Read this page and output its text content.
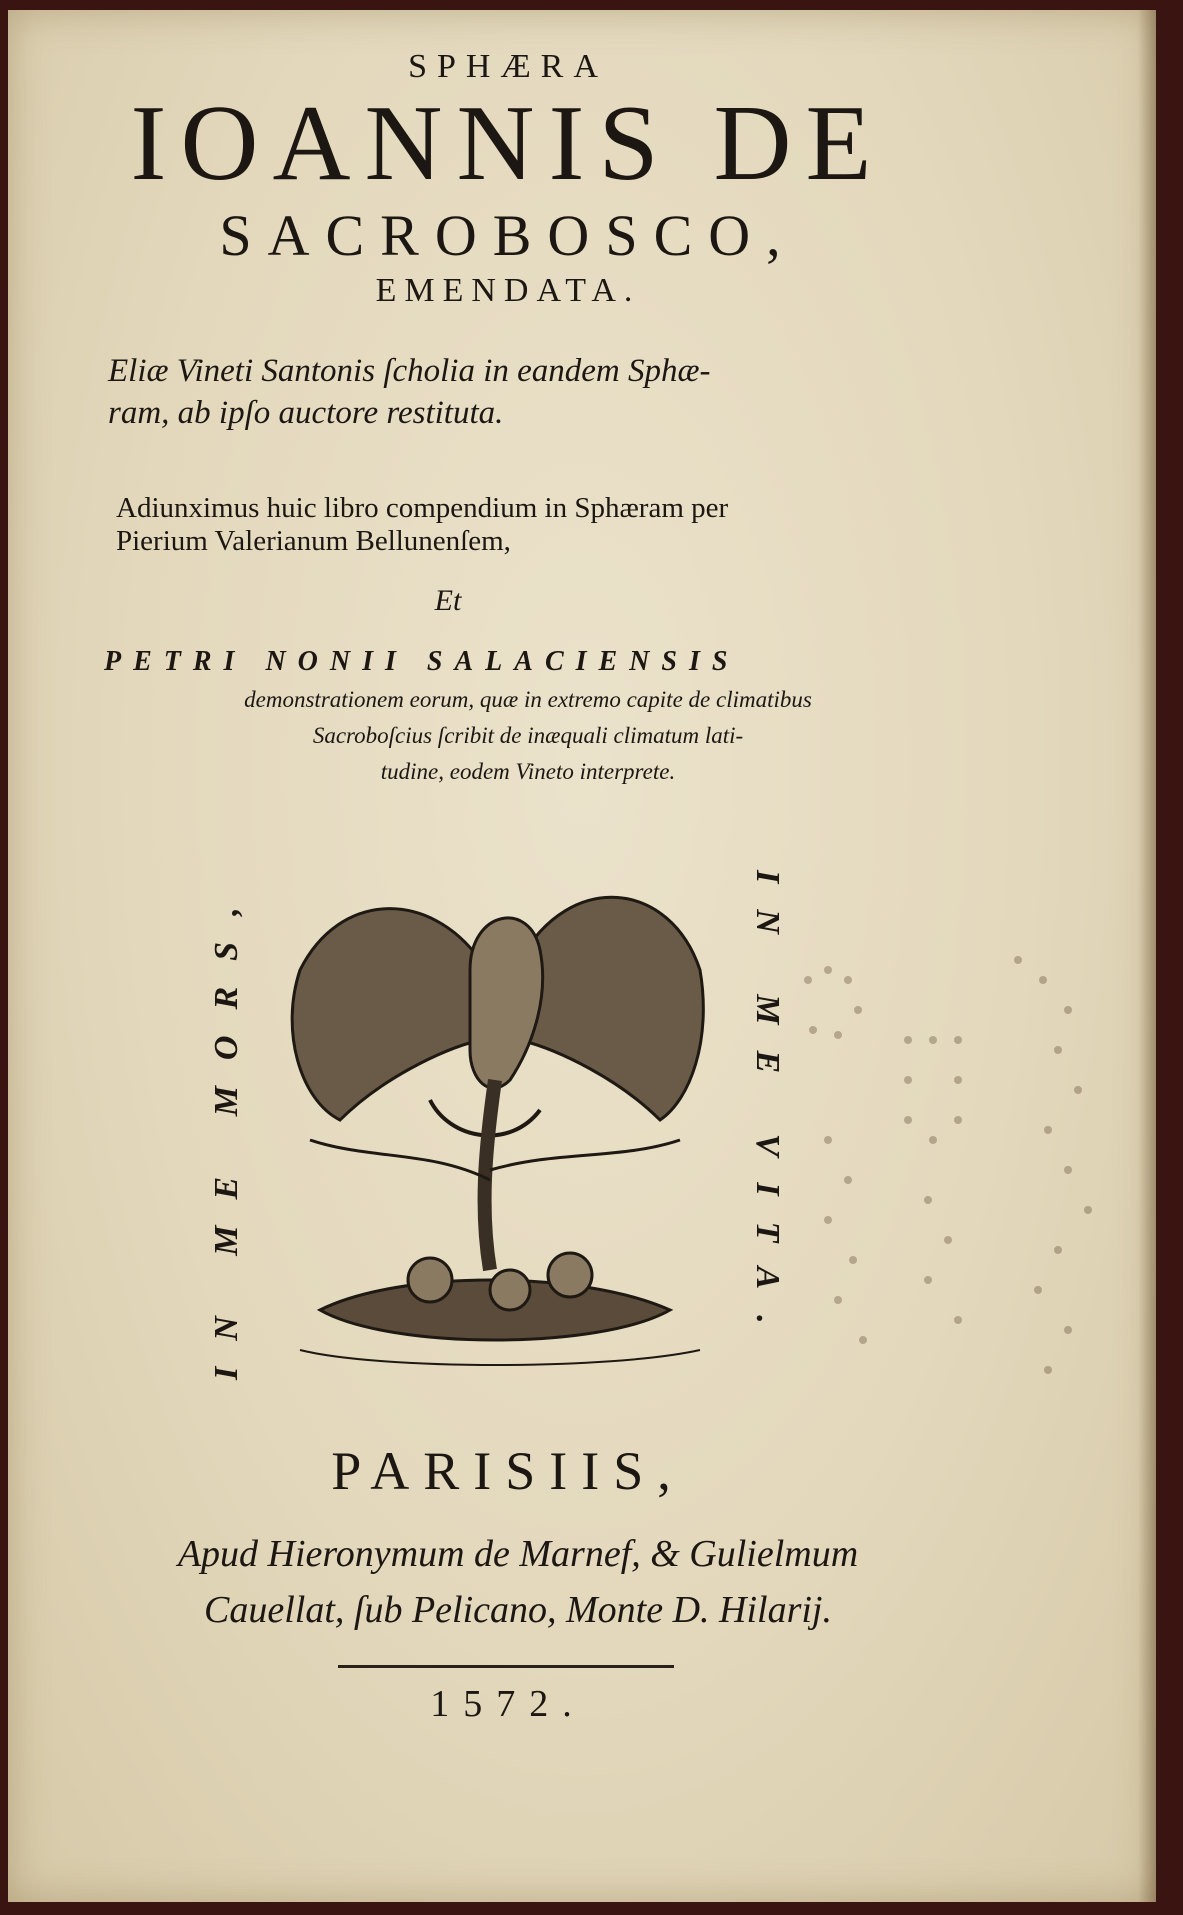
SPHÆRA
IOANNIS DE
SACROBOSCO,
EMENDATA.
Eliæ Vineti Santonis ſcholia in eandem Sphæ-
ram, ab ipſo auctore restituta.
Adiunximus huic libro compendium in Sphæram per
Pierium Valerianum Bellunenſem,
Et
PETRI NONII SALACIENSIS
demonstrationem eorum, quæ in extremo capite de climatibus
Sacroboſcius ſcribit de inæquali climatum lati-
tudine, eodem Vineto interprete.
IN ME MORS,	IN ME VITA.
PARISIIS,
Apud Hieronymum de Marnef, & Gulielmum
Cauellat, ſub Pelicano, Monte D. Hilarij.
1572.
